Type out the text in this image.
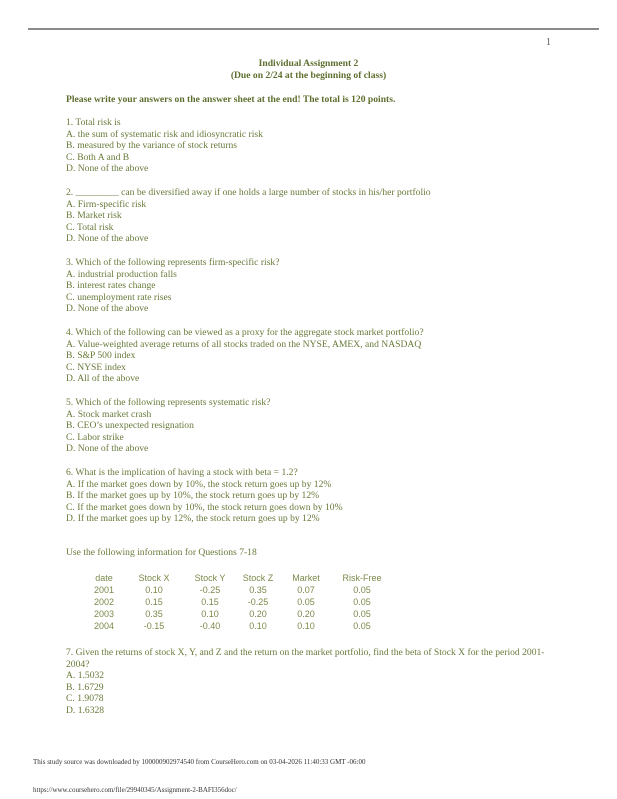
1
Individual Assignment 2
(Due on 2/24 at the beginning of class)
Please write your answers on the answer sheet at the end! The total is 120 points.
1. Total risk is
A. the sum of systematic risk and idiosyncratic risk
B. measured by the variance of stock returns
C. Both A and B
D. None of the above
2. _________ can be diversified away if one holds a large number of stocks in his/her portfolio
A. Firm-specific risk
B. Market risk
C. Total risk
D. None of the above
3. Which of the following represents firm-specific risk?
A. industrial production falls
B. interest rates change
C. unemployment rate rises
D. None of the above
4. Which of the following can be viewed as a proxy for the aggregate stock market portfolio?
A. Value-weighted average returns of all stocks traded on the NYSE, AMEX, and NASDAQ
B. S&P 500 index
C. NYSE index
D. All of the above
5. Which of the following represents systematic risk?
A. Stock market crash
B. CEO’s unexpected resignation
C. Labor strike
D. None of the above
6. What is the implication of having a stock with beta = 1.2?
A. If the market goes down by 10%, the stock return goes up by 12%
B. If the market goes up by 10%, the stock return goes up by 12%
C. If the market goes down by 10%, the stock return goes down by 10%
D. If the market goes up by 12%, the stock return goes up by 12%
Use the following information for Questions 7-18
date	Stock X	Stock Y	Stock Z	Market	Risk-Free
2001	0.10	-0.25	0.35	0.07	0.05
2002	0.15	0.15	-0.25	0.05	0.05
2003	0.35	0.10	0.20	0.20	0.05
2004	-0.15	-0.40	0.10	0.10	0.05
7. Given the returns of stock X, Y, and Z and the return on the market portfolio, find the beta of Stock X for the period 2001-2004?
A. 1.5032
B. 1.6729
C. 1.9078
D. 1.6328
This study source was downloaded by 100000902974540 from CourseHero.com on 03-04-2026 11:40:33 GMT -06:00
https://www.coursehero.com/file/29940345/Assignment-2-BAFI356doc/
